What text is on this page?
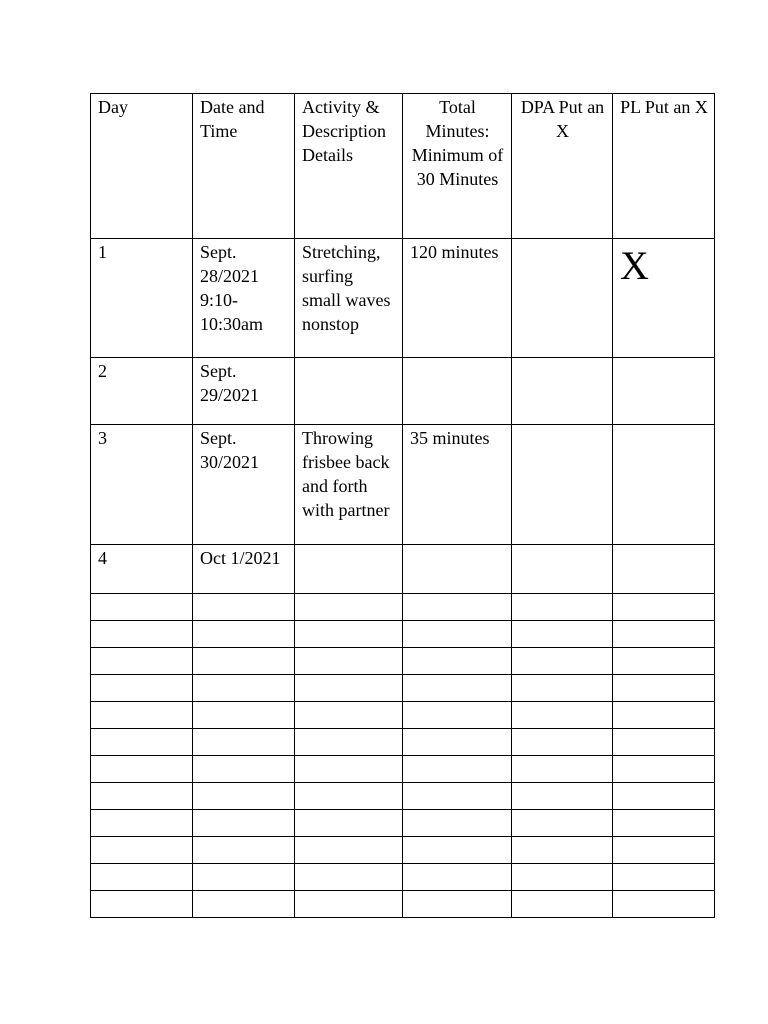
Day	Date and Time	Activity & Description Details	Total Minutes: Minimum of 30 Minutes	DPA Put an X	PL Put an X
1	Sept. 28/2021 9:10-10:30am	Stretching, surfing small waves nonstop	120 minutes		X

2	Sept. 29/2021				
3	Sept. 30/2021	Throwing frisbee back and forth with partner	35 minutes		
4	Oct 1/2021				
